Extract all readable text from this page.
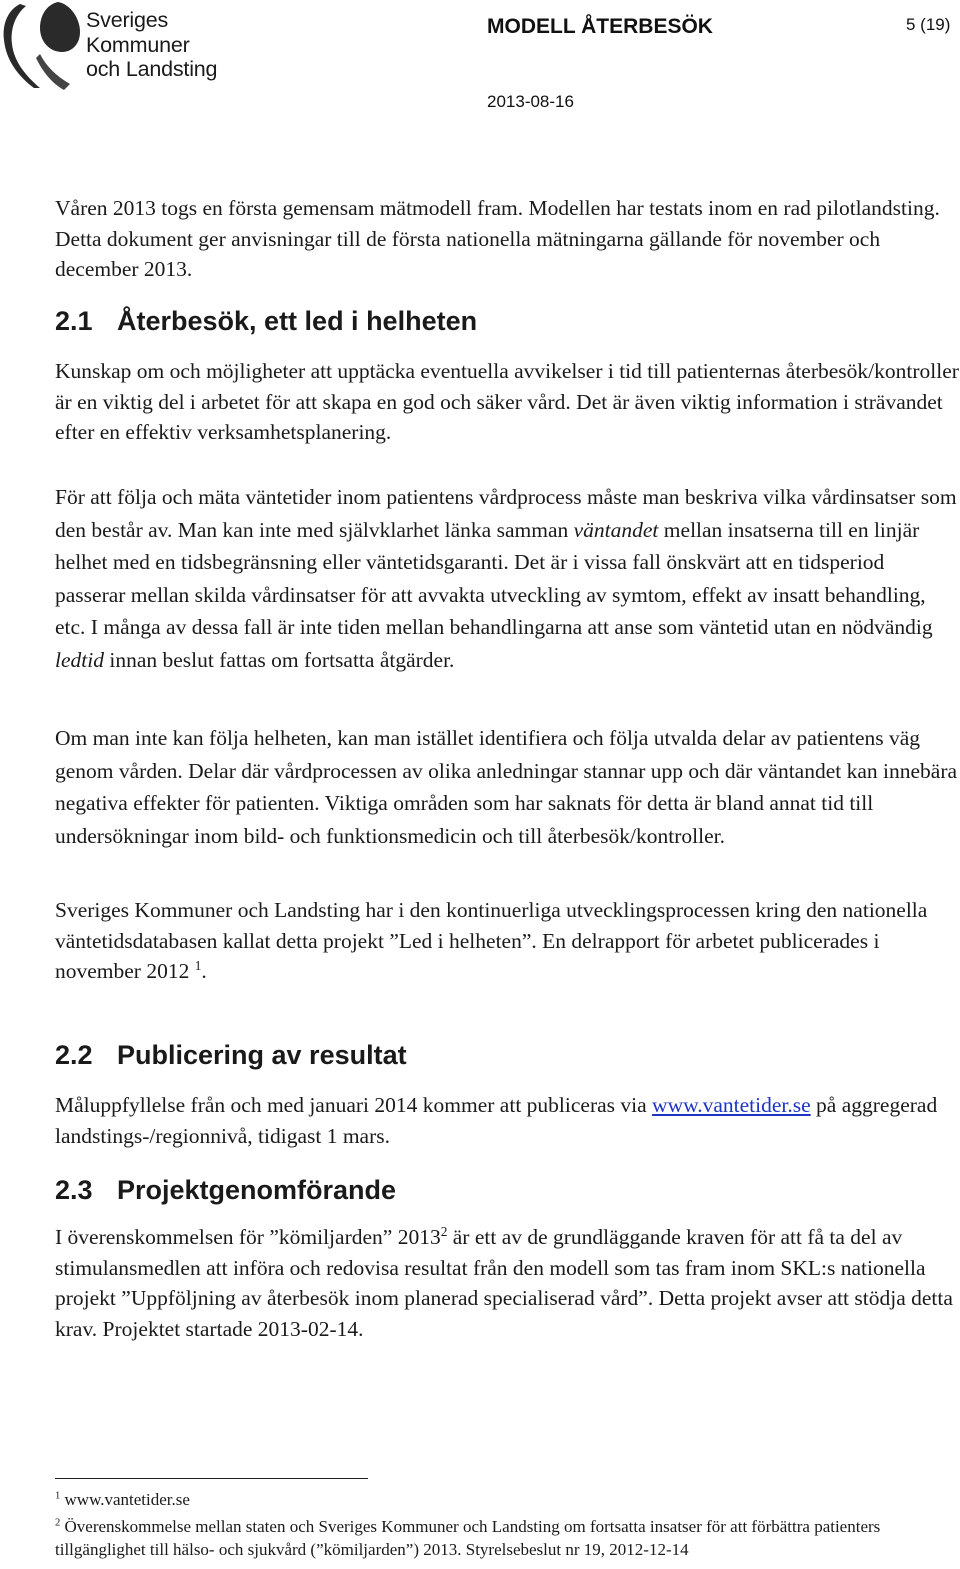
Sveriges
Kommuner
och Landsting
MODELL ÅTERBESÖK	5 (19)
2013-08-16

Våren 2013 togs en första gemensam mätmodell fram. Modellen har testats inom en rad pilotlandsting. Detta dokument ger anvisningar till de första nationella mätningarna gällande för november och december 2013.

2.1 Återbesök, ett led i helheten

Kunskap om och möjligheter att upptäcka eventuella avvikelser i tid till patienternas återbesök/kontroller är en viktig del i arbetet för att skapa en god och säker vård. Det är även viktig information i strävandet efter en effektiv verksamhetsplanering.

För att följa och mäta väntetider inom patientens vårdprocess måste man beskriva vilka vårdinsatser som den består av. Man kan inte med självklarhet länka samman väntandet mellan insatserna till en linjär helhet med en tidsbegränsning eller väntetidsgaranti. Det är i vissa fall önskvärt att en tidsperiod passerar mellan skilda vårdinsatser för att avvakta utveckling av symtom, effekt av insatt behandling, etc. I många av dessa fall är inte tiden mellan behandlingarna att anse som väntetid utan en nödvändig ledtid innan beslut fattas om fortsatta åtgärder.

Om man inte kan följa helheten, kan man istället identifiera och följa utvalda delar av patientens väg genom vården. Delar där vårdprocessen av olika anledningar stannar upp och där väntandet kan innebära negativa effekter för patienten. Viktiga områden som har saknats för detta är bland annat tid till undersökningar inom bild- och funktionsmedicin och till återbesök/kontroller.

Sveriges Kommuner och Landsting har i den kontinuerliga utvecklingsprocessen kring den nationella väntetidsdatabasen kallat detta projekt ”Led i helheten”. En delrapport för arbetet publicerades i november 2012 $^1$.

2.2 Publicering av resultat

Måluppfyllelse från och med januari 2014 kommer att publiceras via www.vantetider.se på aggregerad landstings-/regionnivå, tidigast 1 mars.

2.3 Projektgenomförande

I överenskommelsen för ”kömiljarden” 2013$^2$ är ett av de grundläggande kraven för att få ta del av stimulansmedlen att införa och redovisa resultat från den modell som tas fram inom SKL:s nationella projekt ”Uppföljning av återbesök inom planerad specialiserad vård”. Detta projekt avser att stödja detta krav. Projektet startade 2013-02-14.

$^1$ www.vantetider.se
$^2$ Överenskommelse mellan staten och Sveriges Kommuner och Landsting om fortsatta insatser för att förbättra patienters tillgänglighet till hälso- och sjukvård (”kömiljarden”) 2013. Styrelsebeslut nr 19, 2012-12-14
